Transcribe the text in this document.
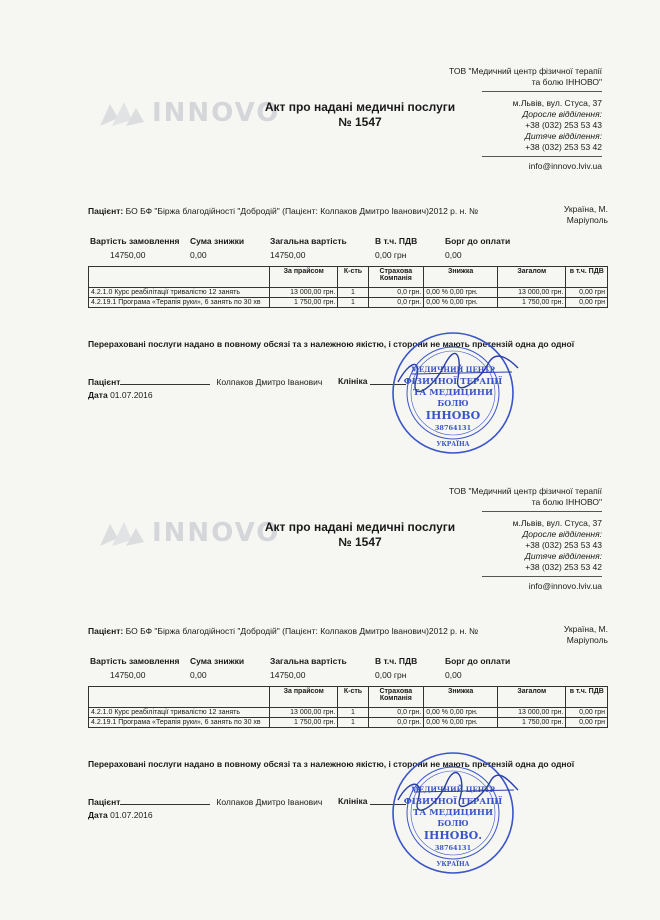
INNOVO
Акт про надані медичні послуги
№ 1547
ТОВ "Медичний центр фізичної терапії та болю ІННОВО"
м.Львів, вул. Стуса, 37
Доросле відділення:
+38 (032) 253 53 43
Дитяче відділення:
+38 (032) 253 53 42
info@innovo.lviv.ua
Пацієнт: БО БФ "Біржа благодійності "Добродій" (Пацієнт: Колпаков Дмитро Іванович)2012 р. н. №	Україна, М.
Маріуполь
Вартість замовлення	Сума знижки	Загальна вартість	В т.ч. ПДВ	Борг до оплати
14750,00	0,00	14750,00	0,00 грн	0,00
	За прайсом	К-сть	Страхова Компанія	Знижка	Загалом	в т.ч. ПДВ
4.2.1.0 Курс реабілітації тривалістю 12 занять	13 000,00 грн.	1	0,0 грн.	0,00 % 0,00 грн.	13 000,00 грн.	0,00 грн
4.2.19.1 Програма «Терапія руки», 6 занять по 30 хв	1 750,00 грн.	1	0,0 грн.	0,00 % 0,00 грн.	1 750,00 грн.	0,00 грн
Перераховані послуги надано в повному обсязі та з належною якістю, і сторони не мають претензій одна до одної
Пацієнт	Колпаков Дмитро Іванович Клініка
Дата 01.07.2016
МЕДИЧНИЙ ЦЕНТР
ФІЗИЧНОЇ ТЕРАПІЇ
ТА МЕДИЦИНИ
БОЛЮ
ІННОВО
38764131
УКРАЇНА
INNOVO
Акт про надані медичні послуги
№ 1547
ТОВ "Медичний центр фізичної терапії та болю ІННОВО"
м.Львів, вул. Стуса, 37
Доросле відділення:
+38 (032) 253 53 43
Дитяче відділення:
+38 (032) 253 53 42
info@innovo.lviv.ua
Пацієнт: БО БФ "Біржа благодійності "Добродій" (Пацієнт: Колпаков Дмитро Іванович)2012 р. н. №	Україна, М.
Маріуполь
Вартість замовлення	Сума знижки	Загальна вартість	В т.ч. ПДВ	Борг до оплати
14750,00	0,00	14750,00	0,00 грн	0,00
	За прайсом	К-сть	Страхова Компанія	Знижка	Загалом	в т.ч. ПДВ
4.2.1.0 Курс реабілітації тривалістю 12 занять	13 000,00 грн.	1	0,0 грн.	0,00 % 0,00 грн.	13 000,00 грн.	0,00 грн
4.2.19.1 Програма «Терапія руки», 6 занять по 30 хв	1 750,00 грн.	1	0,0 грн.	0,00 % 0,00 грн.	1 750,00 грн.	0,00 грн
Перераховані послуги надано в повному обсязі та з належною якістю, і сторони не мають претензій одна до одної
Пацієнт	Колпаков Дмитро Іванович Клініка
Дата 01.07.2016
МЕДИЧНИЙ ЦЕНТР
ФІЗИЧНОЇ ТЕРАПІЇ
ТА МЕДИЦИНИ
БОЛЮ
ІННОВО.
38764131
УКРАЇНА
